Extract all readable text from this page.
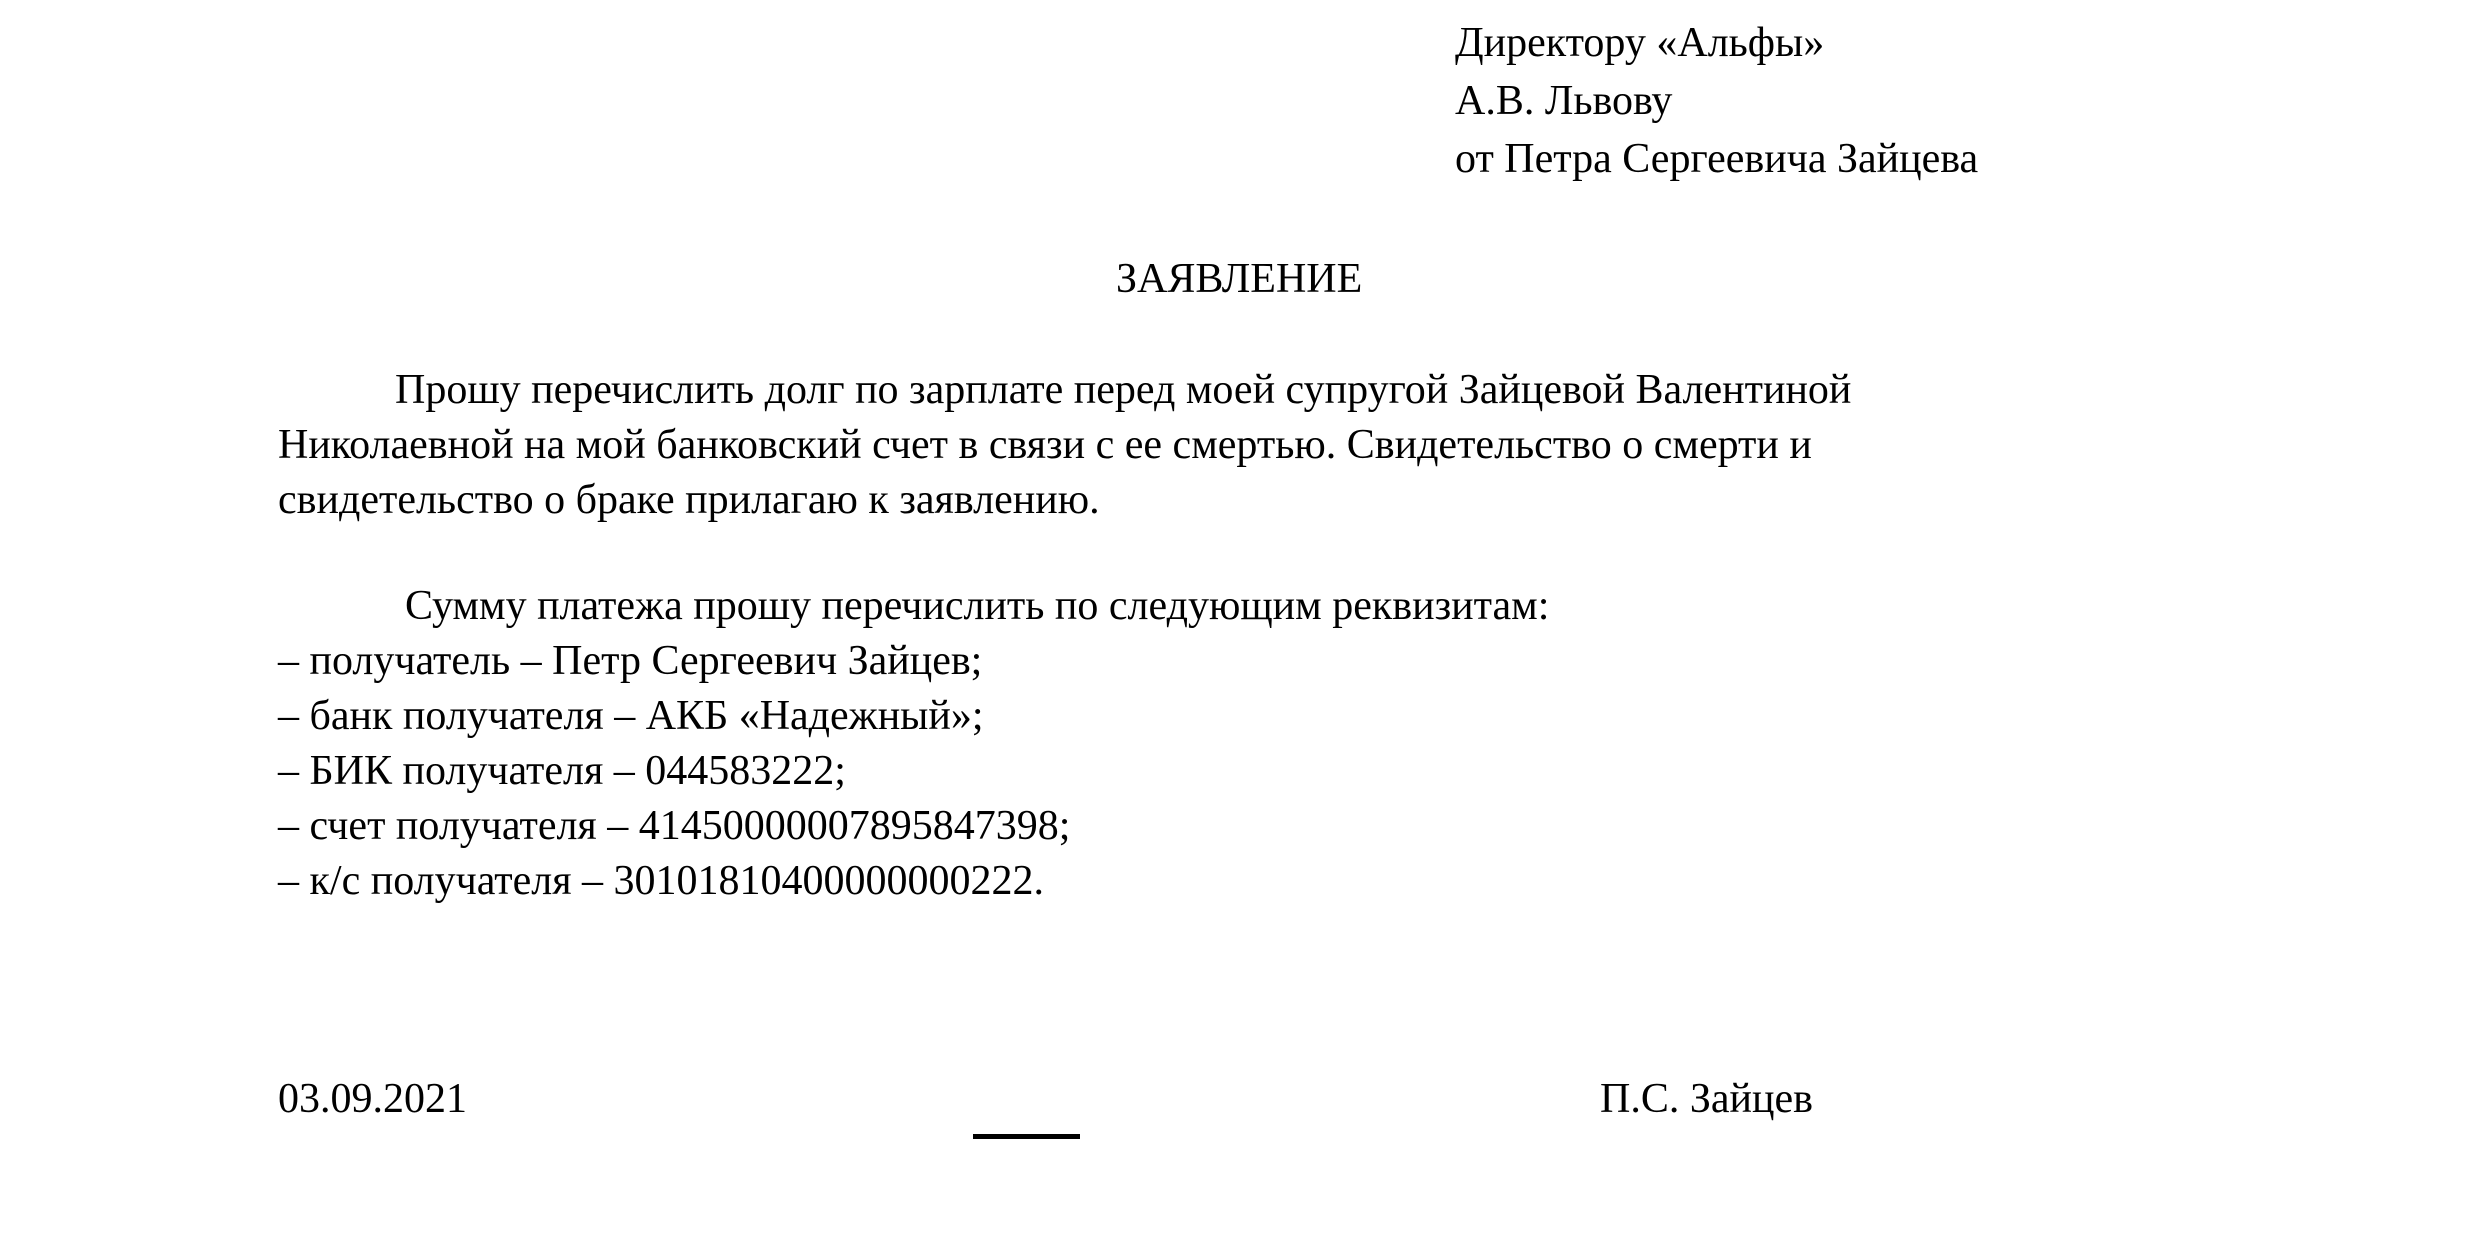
Директору «Альфы»
А.В. Львову
от Петра Сергеевича Зайцева
ЗАЯВЛЕНИЕ
Прошу перечислить долг по зарплате перед моей супругой Зайцевой Валентиной
Николаевной на мой банковский счет в связи с ее смертью. Свидетельство о смерти и
свидетельство о браке прилагаю к заявлению.
Сумму платежа прошу перечислить по следующим реквизитам:
– получатель – Петр Сергеевич Зайцев;
– банк получателя – АКБ «Надежный»;
– БИК получателя – 044583222;
– счет получателя – 41450000007895847398;
– к/с получателя – 30101810400000000222.
03.09.2021	П.С. Зайцев
